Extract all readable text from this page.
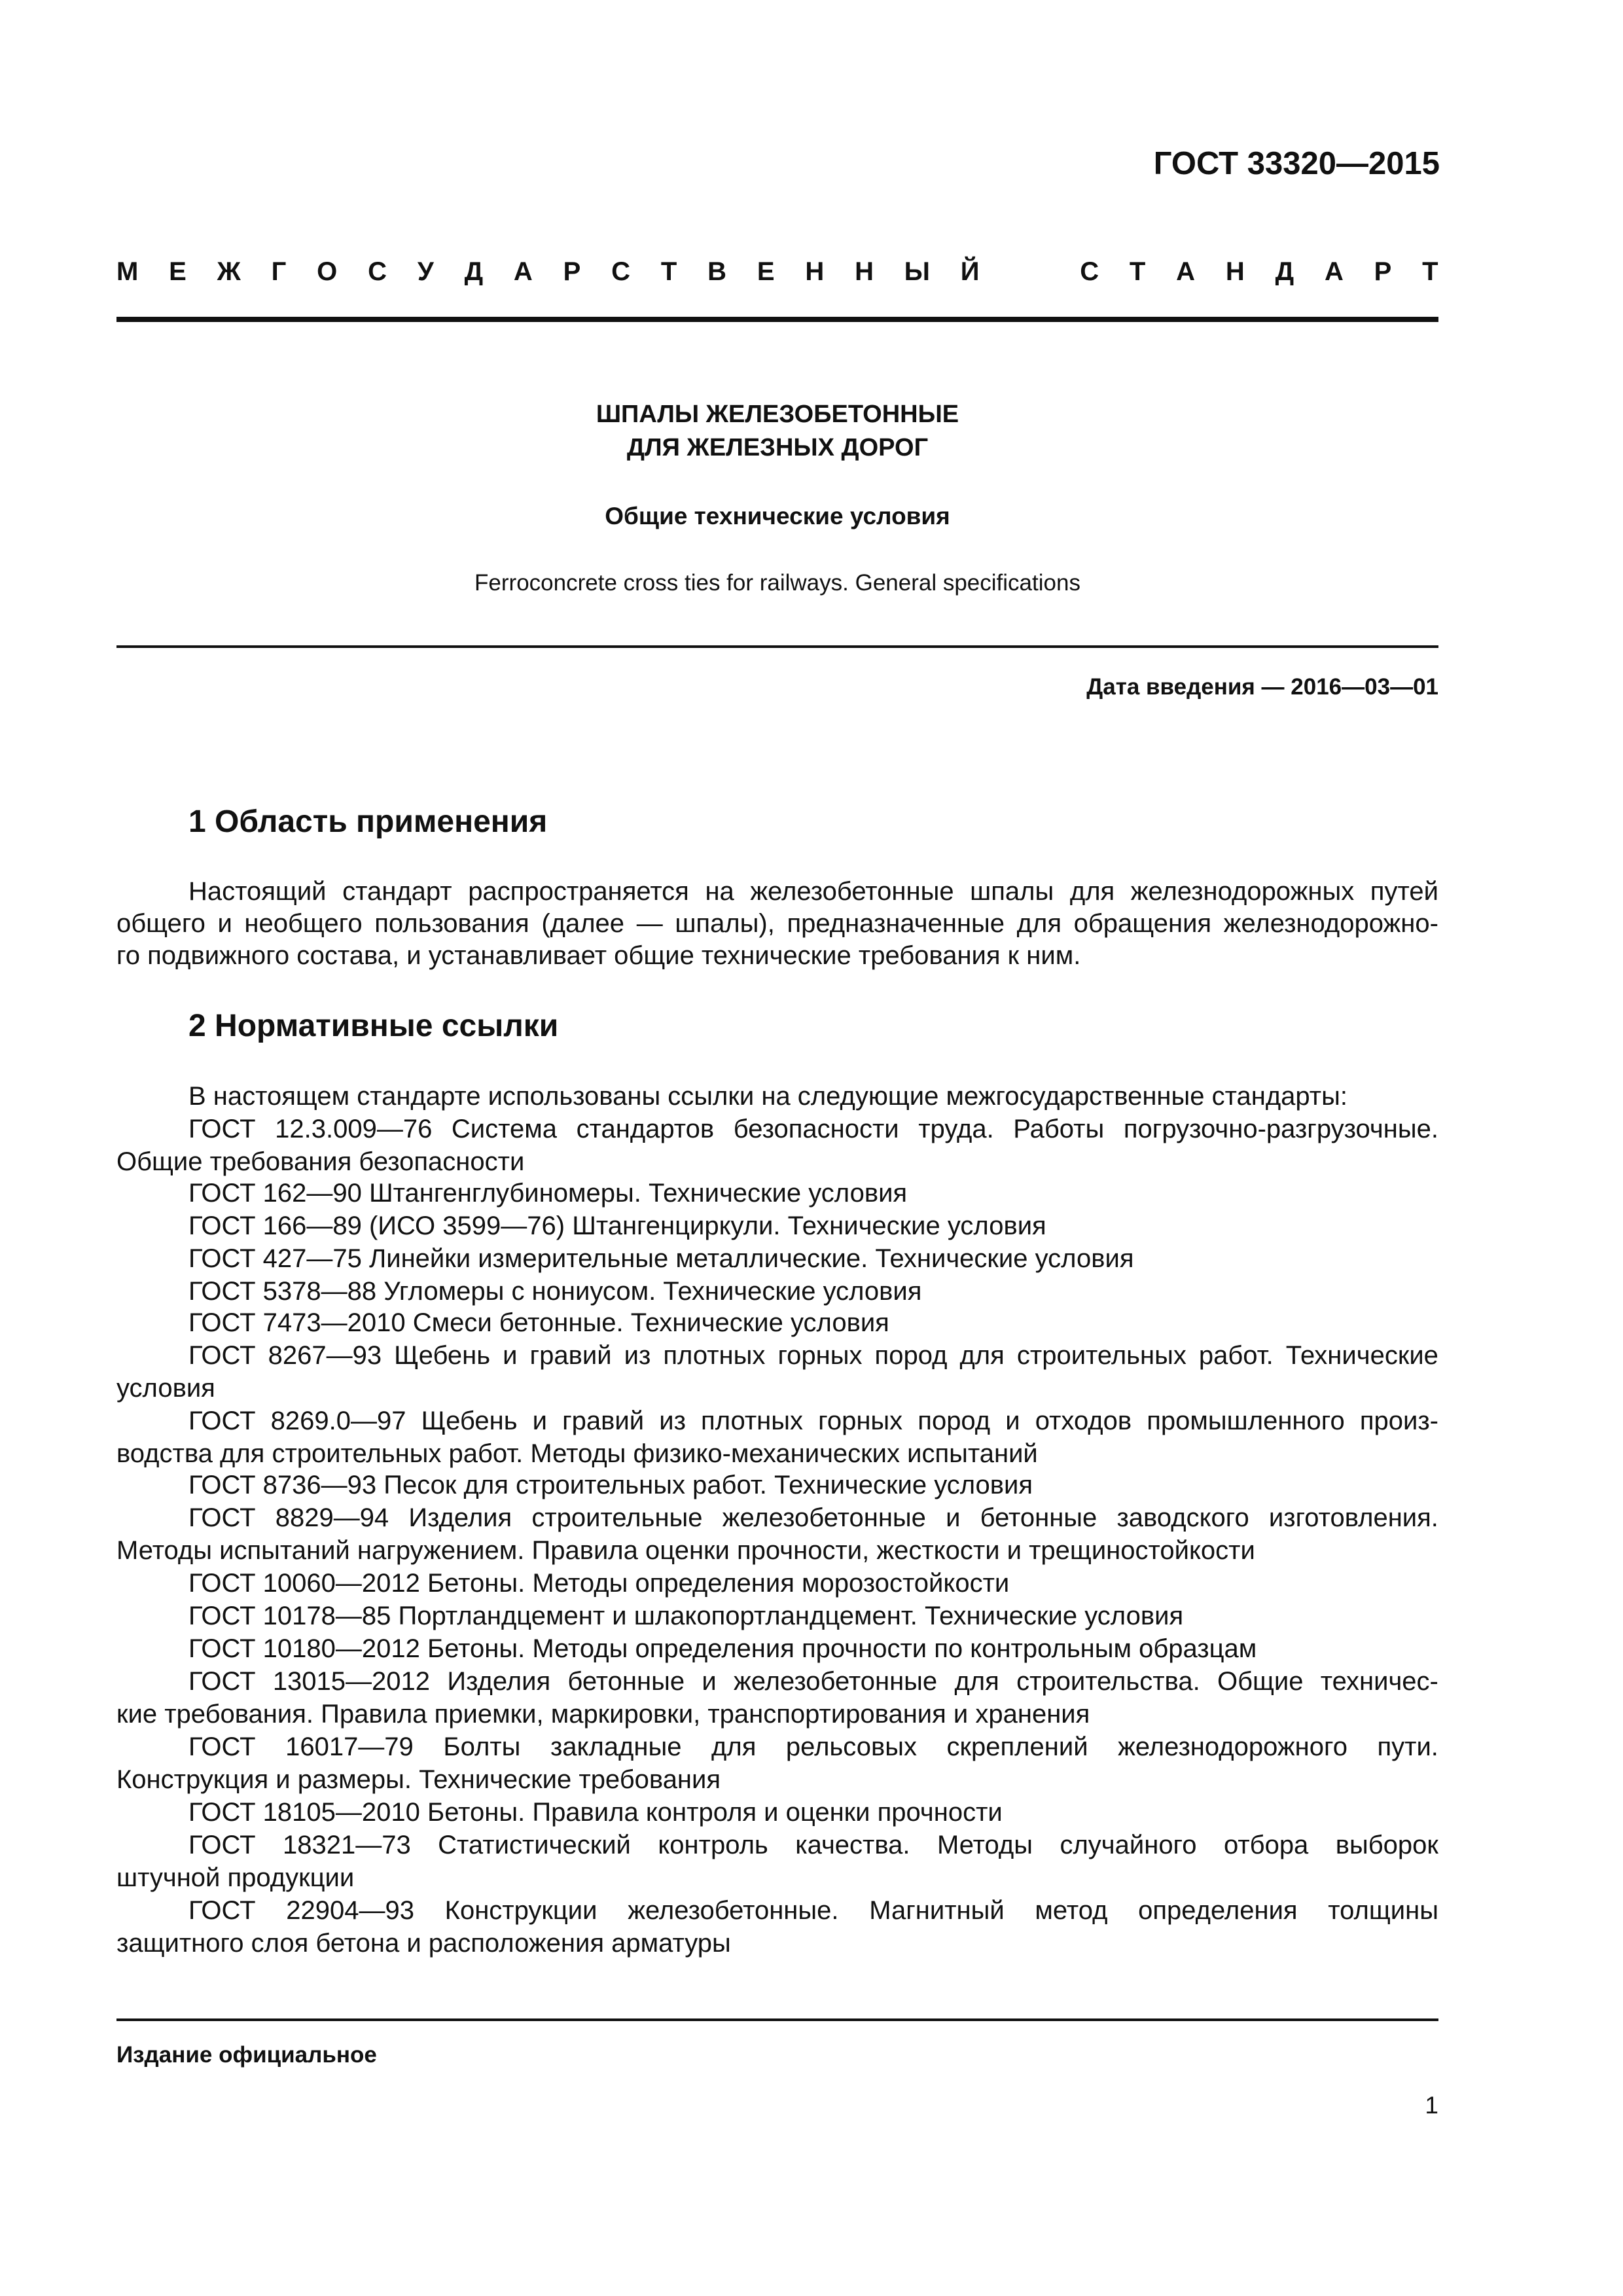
ГОСТ 33320—2015
М Е Ж Г О С У Д А Р С Т В Е Н Н Ы Й	С Т А Н Д А Р Т
ШПАЛЫ ЖЕЛЕЗОБЕТОННЫЕ
ДЛЯ ЖЕЛЕЗНЫХ ДОРОГ
Общие технические условия
Ferroconcrete cross ties for railways. General specifications
Дата введения — 2016—03—01
1 Область применения
Настоящий стандарт распространяется на железобетонные шпалы для железнодорожных путей
общего и необщего пользования (далее — шпалы), предназначенные для обращения железнодорожно-
го подвижного состава, и устанавливает общие технические требования к ним.
2 Нормативные ссылки
В настоящем стандарте использованы ссылки на следующие межгосударственные стандарты:
ГОСТ 12.3.009—76 Система стандартов безопасности труда. Работы погрузочно-разгрузочные.
Общие требования безопасности
ГОСТ 162—90 Штангенглубиномеры. Технические условия
ГОСТ 166—89 (ИСО 3599—76) Штангенциркули. Технические условия
ГОСТ 427—75 Линейки измерительные металлические. Технические условия
ГОСТ 5378—88 Угломеры с нониусом. Технические условия
ГОСТ 7473—2010 Смеси бетонные. Технические условия
ГОСТ 8267—93 Щебень и гравий из плотных горных пород для строительных работ. Технические
условия
ГОСТ 8269.0—97 Щебень и гравий из плотных горных пород и отходов промышленного произ-
водства для строительных работ. Методы физико-механических испытаний
ГОСТ 8736—93 Песок для строительных работ. Технические условия
ГОСТ 8829—94 Изделия строительные железобетонные и бетонные заводского изготовления.
Методы испытаний нагружением. Правила оценки прочности, жесткости и трещиностойкости
ГОСТ 10060—2012 Бетоны. Методы определения морозостойкости
ГОСТ 10178—85 Портландцемент и шлакопортландцемент. Технические условия
ГОСТ 10180—2012 Бетоны. Методы определения прочности по контрольным образцам
ГОСТ 13015—2012 Изделия бетонные и железобетонные для строительства. Общие техничес-
кие требования. Правила приемки, маркировки, транспортирования и хранения
ГОСТ 16017—79 Болты закладные для рельсовых скреплений железнодорожного пути.
Конструкция и размеры. Технические требования
ГОСТ 18105—2010 Бетоны. Правила контроля и оценки прочности
ГОСТ 18321—73 Статистический контроль качества. Методы случайного отбора выборок
штучной продукции
ГОСТ 22904—93 Конструкции железобетонные. Магнитный метод определения толщины
защитного слоя бетона и расположения арматуры
Издание официальное
1
